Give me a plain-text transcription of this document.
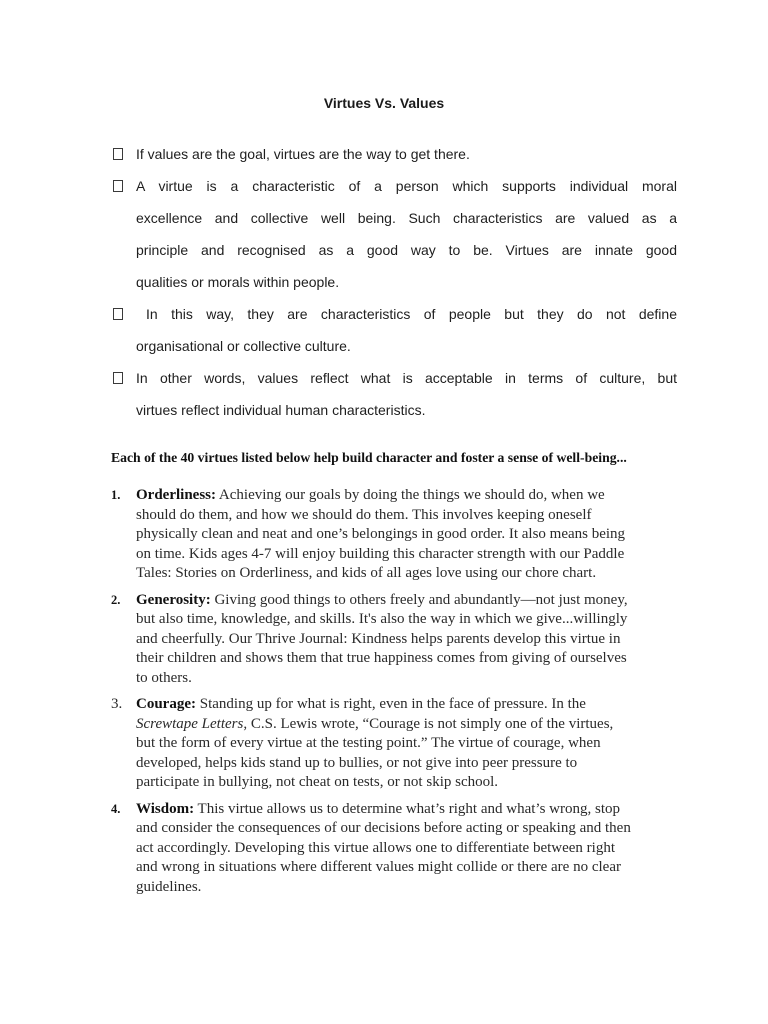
Virtues Vs. Values
If values are the goal, virtues are the way to get there.
A virtue is a characteristic of a person which supports individual moral
excellence and collective well being. Such characteristics are valued as a
principle and recognised as a good way to be. Virtues are innate good
qualities or morals within people.
In this way, they are characteristics of people but they do not define
organisational or collective culture.
In other words, values reflect what is acceptable in terms of culture, but
virtues reflect individual human characteristics.
Each of the 40 virtues listed below help build character and foster a sense of well-being...
1. Orderliness: Achieving our goals by doing the things we should do, when we
should do them, and how we should do them. This involves keeping oneself
physically clean and neat and one’s belongings in good order. It also means being
on time. Kids ages 4-7 will enjoy building this character strength with our Paddle
Tales: Stories on Orderliness, and kids of all ages love using our chore chart.
2. Generosity: Giving good things to others freely and abundantly—not just money,
but also time, knowledge, and skills. It's also the way in which we give...willingly
and cheerfully. Our Thrive Journal: Kindness helps parents develop this virtue in
their children and shows them that true happiness comes from giving of ourselves
to others.
3. Courage: Standing up for what is right, even in the face of pressure. In the
Screwtape Letters, C.S. Lewis wrote, “Courage is not simply one of the virtues,
but the form of every virtue at the testing point.” The virtue of courage, when
developed, helps kids stand up to bullies, or not give into peer pressure to
participate in bullying, not cheat on tests, or not skip school.
4. Wisdom: This virtue allows us to determine what’s right and what’s wrong, stop
and consider the consequences of our decisions before acting or speaking and then
act accordingly. Developing this virtue allows one to differentiate between right
and wrong in situations where different values might collide or there are no clear
guidelines.
